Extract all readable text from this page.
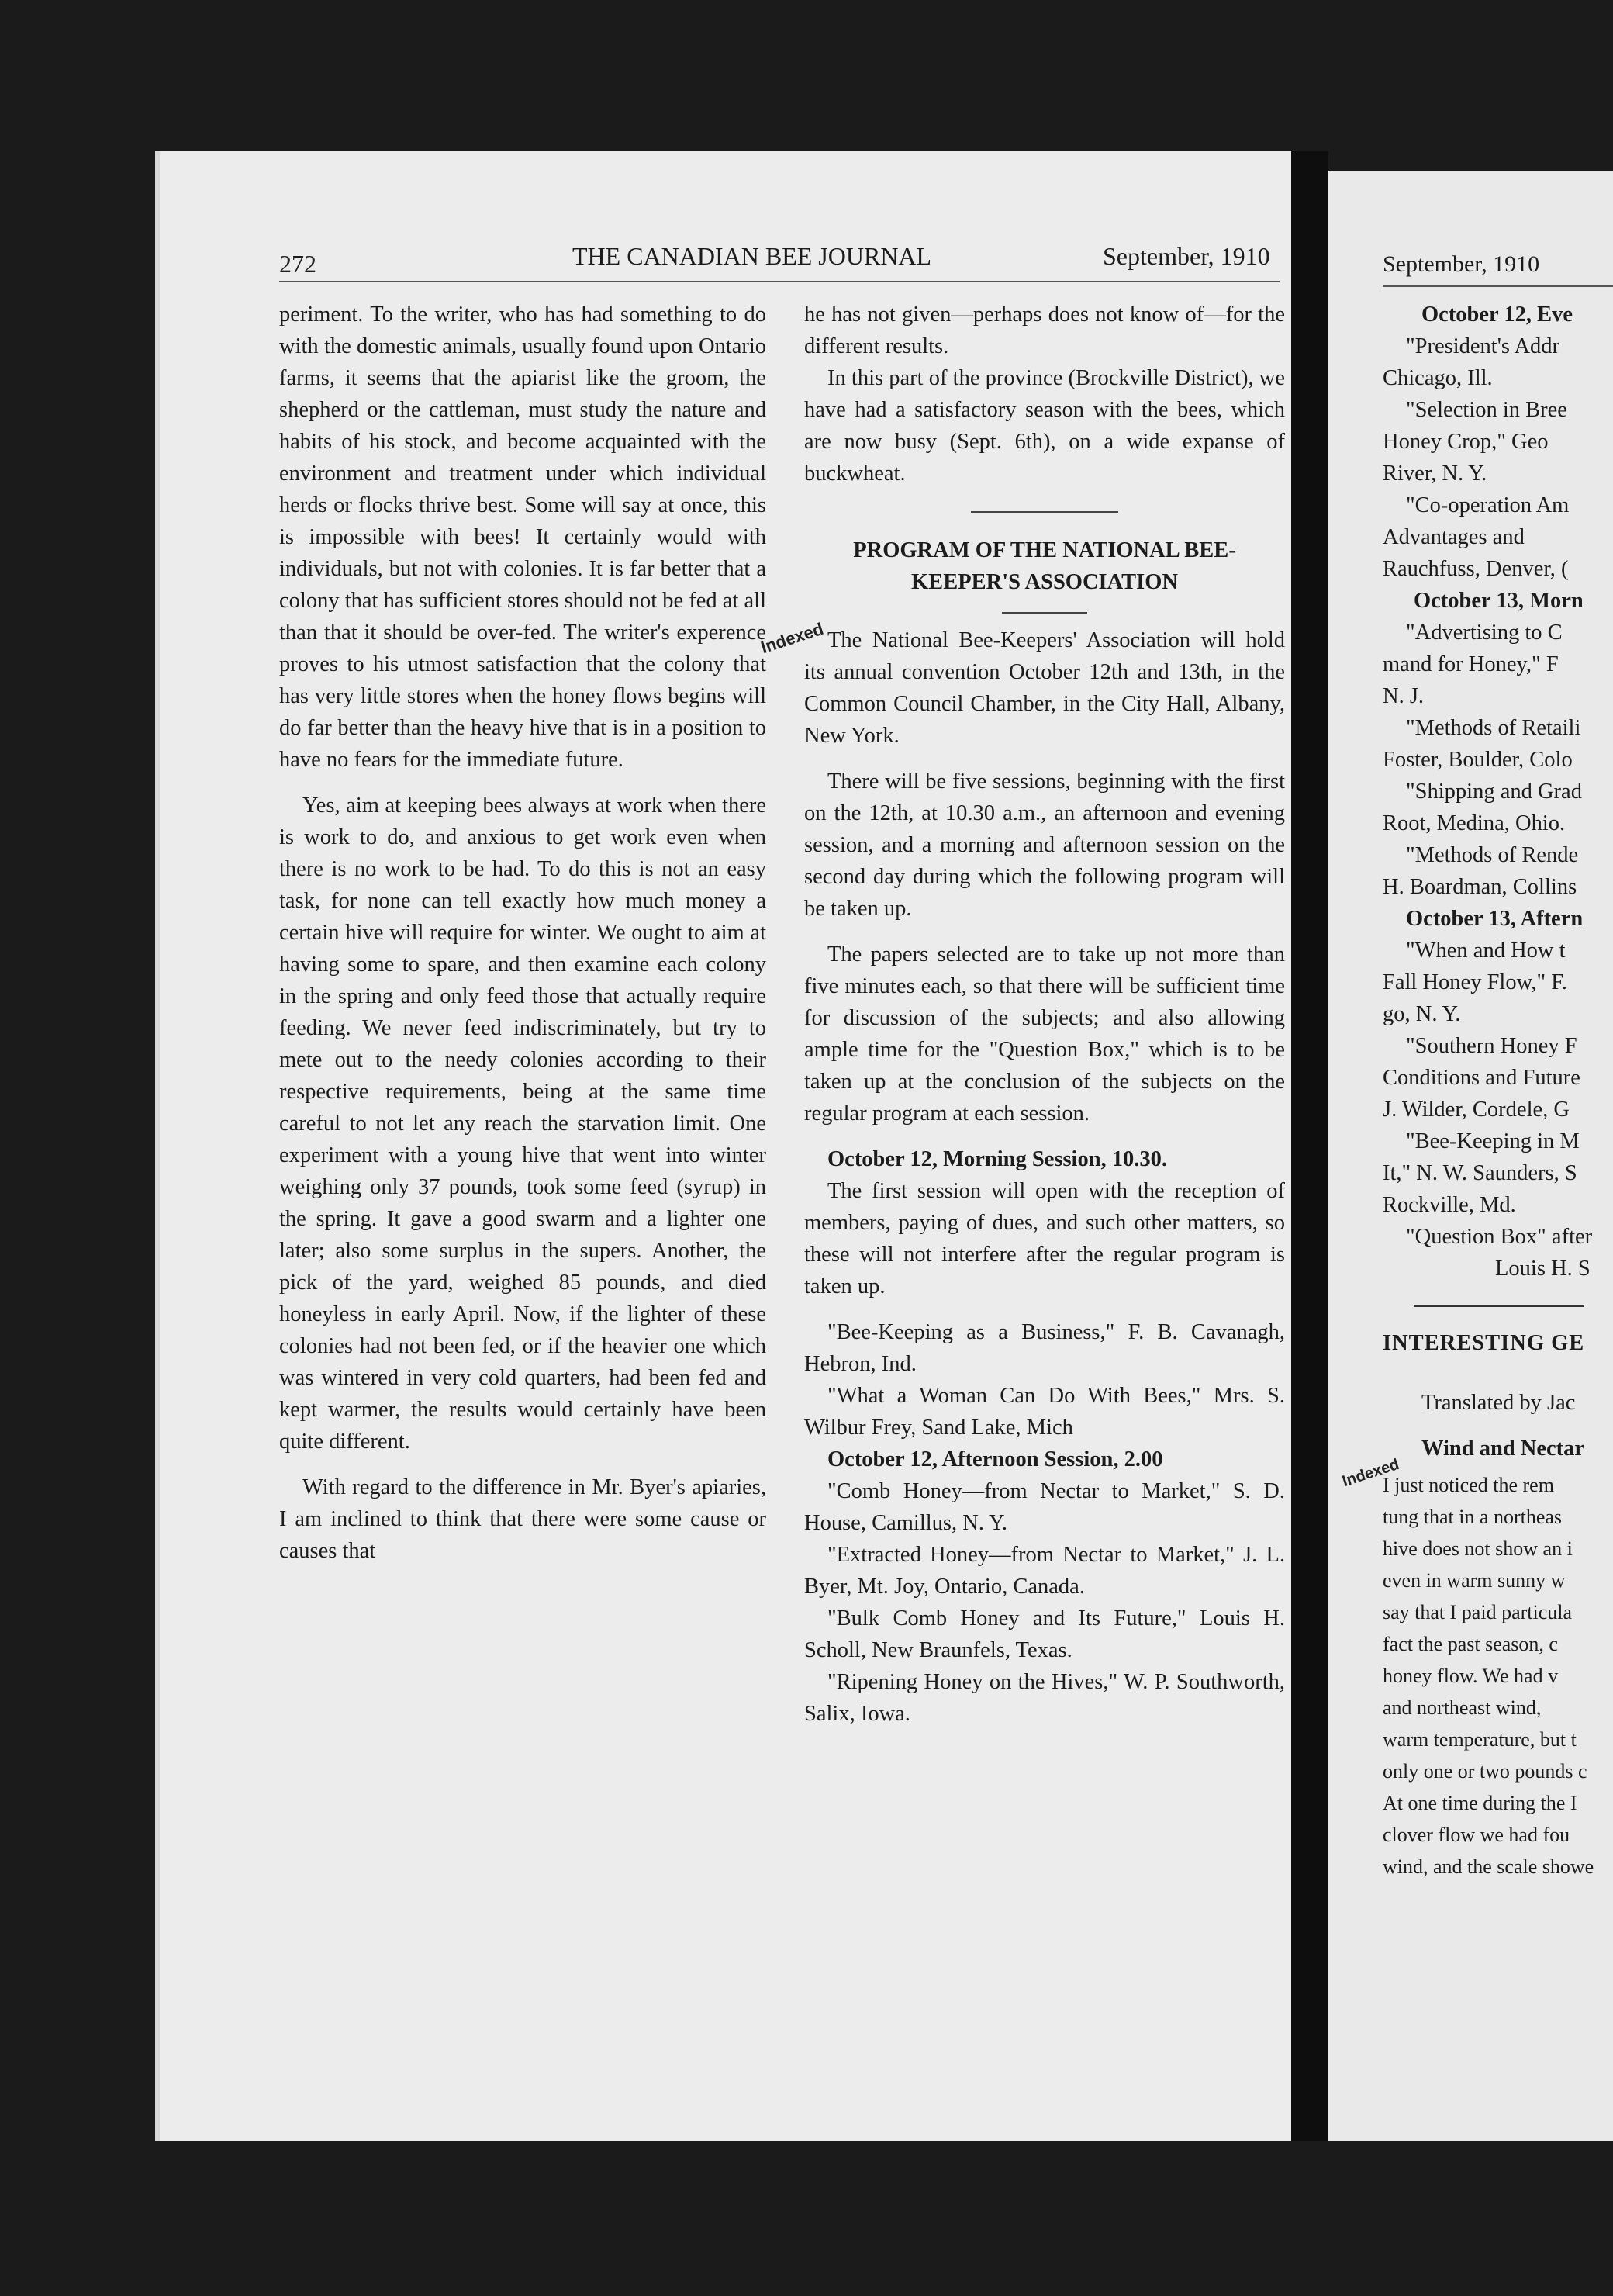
272	THE CANADIAN BEE JOURNAL	September, 1910

periment. To the writer, who has had something to do with the domestic animals, usually found upon Ontario farms, it seems that the apiarist like the groom, the shepherd or the cattleman, must study the nature and habits of his stock, and become acquainted with the environment and treatment under which individual herds or flocks thrive best. Some will say at once, this is impossible with bees! It certainly would with individuals, but not with colonies. It is far better that a colony that has sufficient stores should not be fed at all than that it should be over-fed. The writer's experence proves to his utmost satisfaction that the colony that has very little stores when the honey flows begins will do far better than the heavy hive that is in a position to have no fears for the immediate future.

Yes, aim at keeping bees always at work when there is work to do, and anxious to get work even when there is no work to be had. To do this is not an easy task, for none can tell exactly how much money a certain hive will require for winter. We ought to aim at having some to spare, and then examine each colony in the spring and only feed those that actually require feeding. We never feed indiscriminately, but try to mete out to the needy colonies according to their respective requirements, being at the same time careful to not let any reach the starvation limit. One experiment with a young hive that went into winter weighing only 37 pounds, took some feed (syrup) in the spring. It gave a good swarm and a lighter one later; also some surplus in the supers. Another, the pick of the yard, weighed 85 pounds, and died honeyless in early April. Now, if the lighter of these colonies had not been fed, or if the heavier one which was wintered in very cold quarters, had been fed and kept warmer, the results would certainly have been quite different.

With regard to the difference in Mr. Byer's apiaries, I am inclined to think that there were some cause or causes that

he has not given—perhaps does not know of—for the different results.

In this part of the province (Brockville District), we have had a satisfactory season with the bees, which are now busy (Sept. 6th), on a wide expanse of buckwheat.

PROGRAM OF THE NATIONAL BEE-
KEEPER'S ASSOCIATION

The National Bee-Keepers' Association will hold its annual convention October 12th and 13th, in the Common Council Chamber, in the City Hall, Albany, New York.

There will be five sessions, beginning with the first on the 12th, at 10.30 a.m., an afternoon and evening session, and a morning and afternoon session on the second day during which the following program will be taken up.

The papers selected are to take up not more than five minutes each, so that there will be sufficient time for discussion of the subjects; and also allowing ample time for the "Question Box," which is to be taken up at the conclusion of the subjects on the regular program at each session.

October 12, Morning Session, 10.30.

The first session will open with the reception of members, paying of dues, and such other matters, so these will not interfere after the regular program is taken up.

"Bee-Keeping as a Business," F. B. Cavanagh, Hebron, Ind.

"What a Woman Can Do With Bees," Mrs. S. Wilbur Frey, Sand Lake, Mich

October 12, Afternoon Session, 2.00

"Comb Honey—from Nectar to Market," S. D. House, Camillus, N. Y.

"Extracted Honey—from Nectar to Market," J. L. Byer, Mt. Joy, Ontario, Canada.

"Bulk Comb Honey and Its Future," Louis H. Scholl, New Braunfels, Texas.

"Ripening Honey on the Hives," W. P. Southworth, Salix, Iowa.

Indexed
September, 1910
October 12, Eve
"President's Addr
Chicago, Ill.
"Selection in Bree
Honey Crop," Geo
River, N. Y.
"Co-operation Am
Advantages and
Rauchfuss, Denver, (
October 13, Morn
"Advertising to C
mand for Honey," F
N. J.
"Methods of Retaili
Foster, Boulder, Colo
"Shipping and Grad
Root, Medina, Ohio.
"Methods of Rende
H. Boardman, Collins
October 13, Aftern
"When and How t
Fall Honey Flow," F.
go, N. Y.
"Southern Honey F
Conditions and Future
J. Wilder, Cordele, G
"Bee-Keeping in M
It," N. W. Saunders, S
Rockville, Md.
"Question Box" after
Louis H. S
INTERESTING GE
Translated by Jac
Wind and Nectar
I just noticed the rem
tung that in a northeas
hive does not show an i
even in warm sunny w
say that I paid particula
fact the past season, c
honey flow. We had v
and northeast wind,
warm temperature, but t
only one or two pounds c
At one time during the I
clover flow we had fou
wind, and the scale showe
Indexed
